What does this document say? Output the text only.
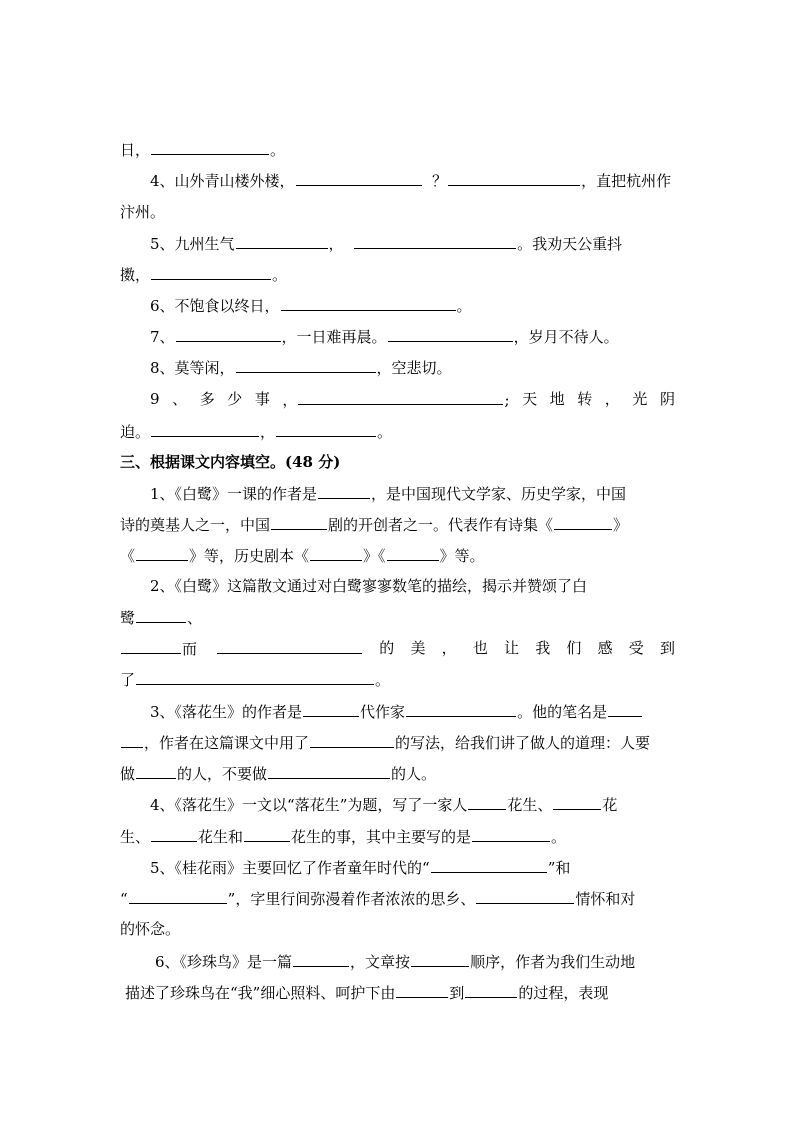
日，	。
4、山外青山楼外楼，	？	，直把杭州作
汴州。
5、九州生气	，	。我劝天公重抖
擞，	。
6、不饱食以终日，	。
7、	，一日难再晨。	，岁月不待人。
8、莫等闲，	，空悲切。
9 、 多 少 事 ，	; 天 地 转 ， 光 阴
迫。	，	。
三、根据课文内容填空。(48 分)
1、《白鹭》一课的作者是	，是中国现代文学家、历史学家，中国
诗的奠基人之一，中国	剧的开创者之一。代表作有诗集《	》
《	》等，历史剧本《	》《	》等。
2、《白鹭》这篇散文通过对白鹭寥寥数笔的描绘，揭示并赞颂了白
鹭	、
而	的 美 ， 也 让 我 们 感 受 到
了	。
3、《落花生》的作者是	代作家	。他的笔名是
，作者在这篇课文中用了	的写法，给我们讲了做人的道理：人要
做	的人，不要做	的人。
4、《落花生》一文以“落花生”为题，写了一家人	花生、	花
生、	花生和	花生的事，其中主要写的是	。
5、《桂花雨》主要回忆了作者童年时代的“	”和
“	”，字里行间弥漫着作者浓浓的思乡、	情怀和对
的怀念。
6、《珍珠鸟》是一篇	，文章按	顺序，作者为我们生动地
描述了珍珠鸟在“我”细心照料、呵护下由	到	的过程，表现
